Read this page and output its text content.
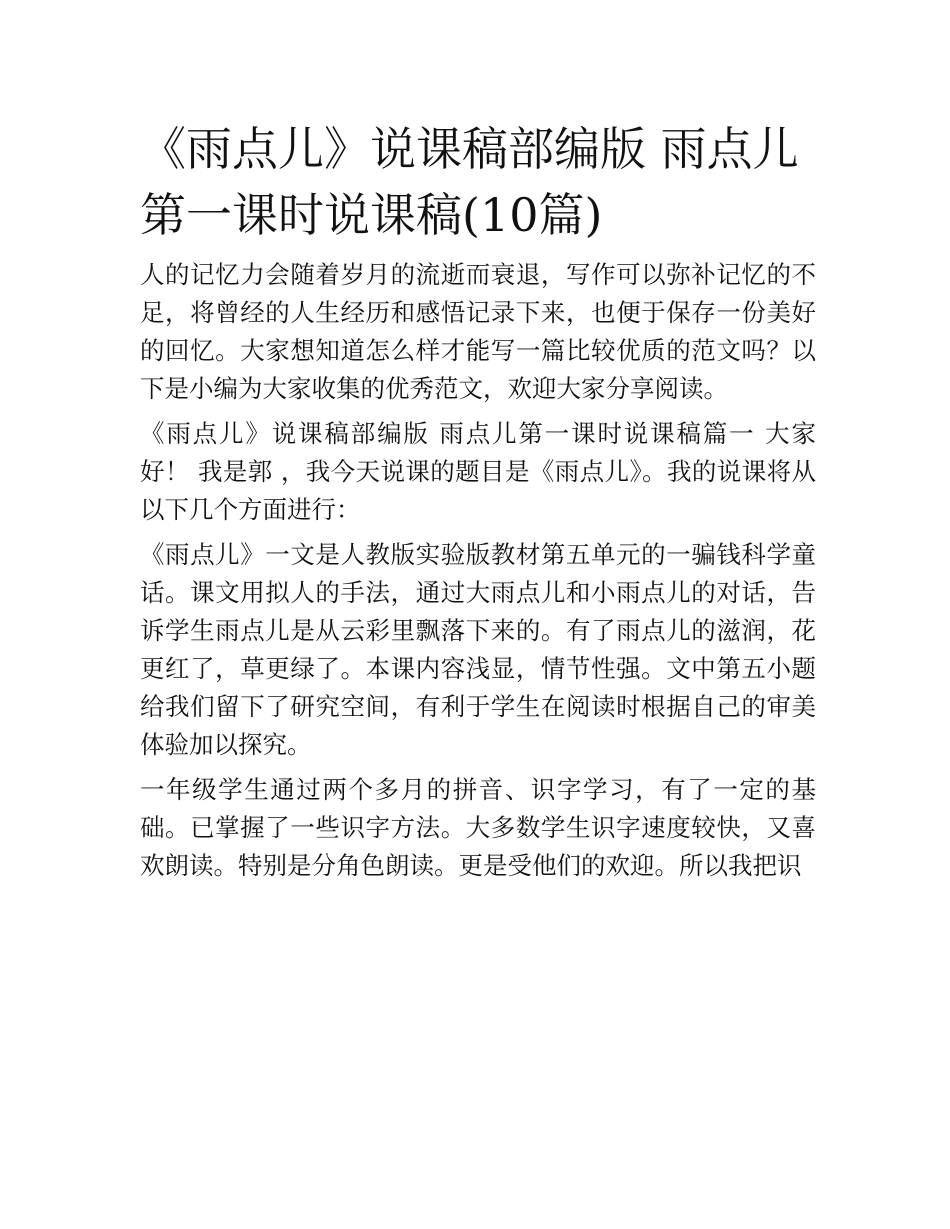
《雨点儿》说课稿部编版 雨点儿第一课时说课稿(10篇)

人的记忆力会随着岁月的流逝而衰退，写作可以弥补记忆的不足，将曾经的人生经历和感悟记录下来，也便于保存一份美好的回忆。大家想知道怎么样才能写一篇比较优质的范文吗？以下是小编为大家收集的优秀范文，欢迎大家分享阅读。

《雨点儿》说课稿部编版 雨点儿第一课时说课稿篇一 大家好！ 我是郭 ，我今天说课的题目是《雨点儿》。我的说课将从以下几个方面进行：

《雨点儿》一文是人教版实验版教材第五单元的一骗钱科学童话。课文用拟人的手法，通过大雨点儿和小雨点儿的对话，告诉学生雨点儿是从云彩里飘落下来的。有了雨点儿的滋润，花更红了，草更绿了。本课内容浅显，情节性强。文中第五小题给我们留下了研究空间，有利于学生在阅读时根据自己的审美体验加以探究。

一年级学生通过两个多月的拼音、识字学习，有了一定的基础。已掌握了一些识字方法。大多数学生识字速度较快，又喜欢朗读。特别是分角色朗读。更是受他们的欢迎。所以我把识
